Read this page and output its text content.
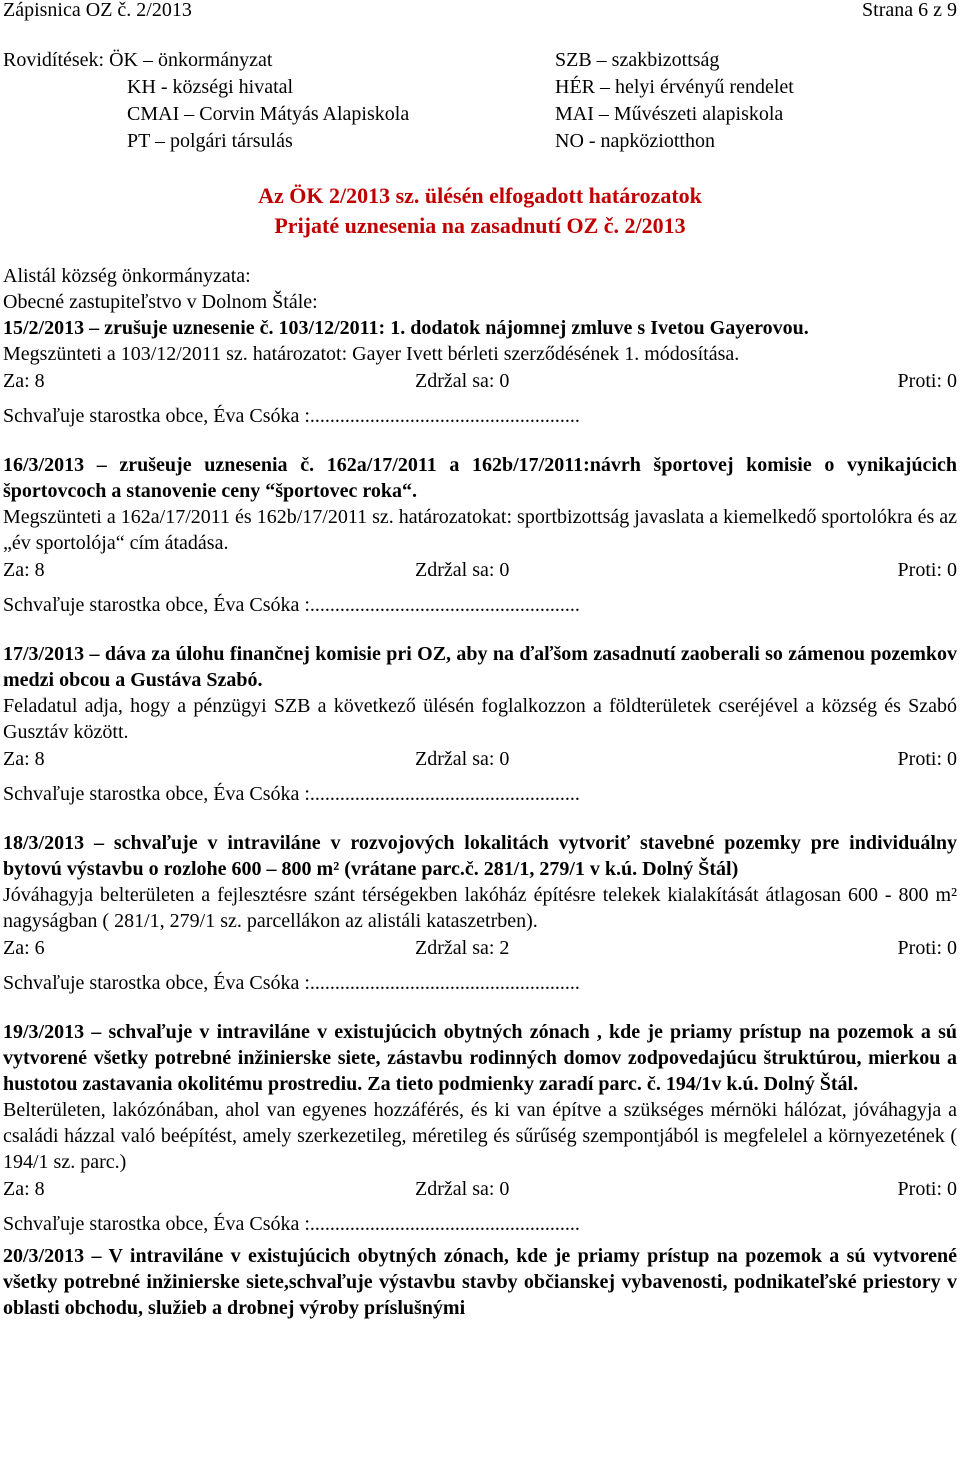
Zápisnica OZ č. 2/2013	Strana 6 z 9
Rovidítések: ÖK – önkormányzat
KH - községi hivatal
CMAI – Corvin Mátyás Alapiskola
PT – polgári társulás
SZB – szakbizottság
HÉR – helyi érvényű rendelet
MAI – Művészeti alapiskola
NO - napköziotthon
Az ÖK 2/2013 sz. ülésén elfogadott határozatok
Prijaté uznesenia na zasadnutí OZ č. 2/2013

Alistál község önkormányzata:

Obecné zastupiteľstvo v Dolnom Štále:

15/2/2013 – zrušuje uznesenie č. 103/12/2011: 1. dodatok nájomnej zmluve s Ivetou Gayerovou.

Megszünteti a 103/12/2011 sz. határozatot: Gayer Ivett bérleti szerződésének 1. módosítása.

Za: 8	Zdržal sa: 0	Proti: 0
Schvaľuje starostka obce, Éva Csóka :......................................................

16/3/2013 – zrušeuje uznesenia č. 162a/17/2011 a 162b/17/2011:návrh športovej komisie o vynikajúcich športovcoch a stanovenie ceny “športovec roka“.

Megszünteti a 162a/17/2011 és 162b/17/2011 sz. határozatokat: sportbizottság javaslata a kiemelkedő sportolókra és az „év sportolója“ cím átadása.

Za: 8	Zdržal sa: 0	Proti: 0
Schvaľuje starostka obce, Éva Csóka :......................................................

17/3/2013 – dáva za úlohu finančnej komisie pri OZ, aby na ďaľšom zasadnutí zaoberali so zámenou pozemkov medzi obcou a Gustáva Szabó.

Feladatul adja, hogy a pénzügyi SZB a következő ülésén foglalkozzon a földterületek cseréjével a község és Szabó Gusztáv között.

Za: 8	Zdržal sa: 0	Proti: 0
Schvaľuje starostka obce, Éva Csóka :......................................................

18/3/2013 – schvaľuje v intraviláne v rozvojových lokalitách vytvoriť stavebné pozemky pre individuálny bytovú výstavbu o rozlohe 600 – 800 m² (vrátane parc.č. 281/1, 279/1 v k.ú. Dolný Štál)

Jóváhagyja belterületen a fejlesztésre szánt térségekben lakóház építésre telekek kialakítását átlagosan 600 - 800 m² nagyságban ( 281/1, 279/1 sz. parcellákon az alistáli kataszetrben).

Za: 6	Zdržal sa: 2	Proti: 0
Schvaľuje starostka obce, Éva Csóka :......................................................

19/3/2013 – schvaľuje v intraviláne v existujúcich obytných zónach , kde je priamy prístup na pozemok a sú vytvorené všetky potrebné inžinierske siete, zástavbu rodinných domov zodpovedajúcu štruktúrou, mierkou a hustotou zastavania okolitému prostrediu. Za tieto podmienky zaradí parc. č. 194/1v k.ú. Dolný Štál.

Belterületen, lakózónában, ahol van egyenes hozzáférés, és ki van építve a szükséges mérnöki hálózat, jóváhagyja a családi házzal való beépítést, amely szerkezetileg, méretileg és sűrűség szempontjából is megfelelel a környezetének ( 194/1 sz. parc.)

Za: 8	Zdržal sa: 0	Proti: 0
Schvaľuje starostka obce, Éva Csóka :......................................................

20/3/2013 – V intraviláne v existujúcich obytných zónach, kde je priamy prístup na pozemok a sú vytvorené všetky potrebné inžinierske siete,schvaľuje výstavbu stavby občianskej vybavenosti, podnikateľské priestory v oblasti obchodu, služieb a drobnej výroby príslušnými
